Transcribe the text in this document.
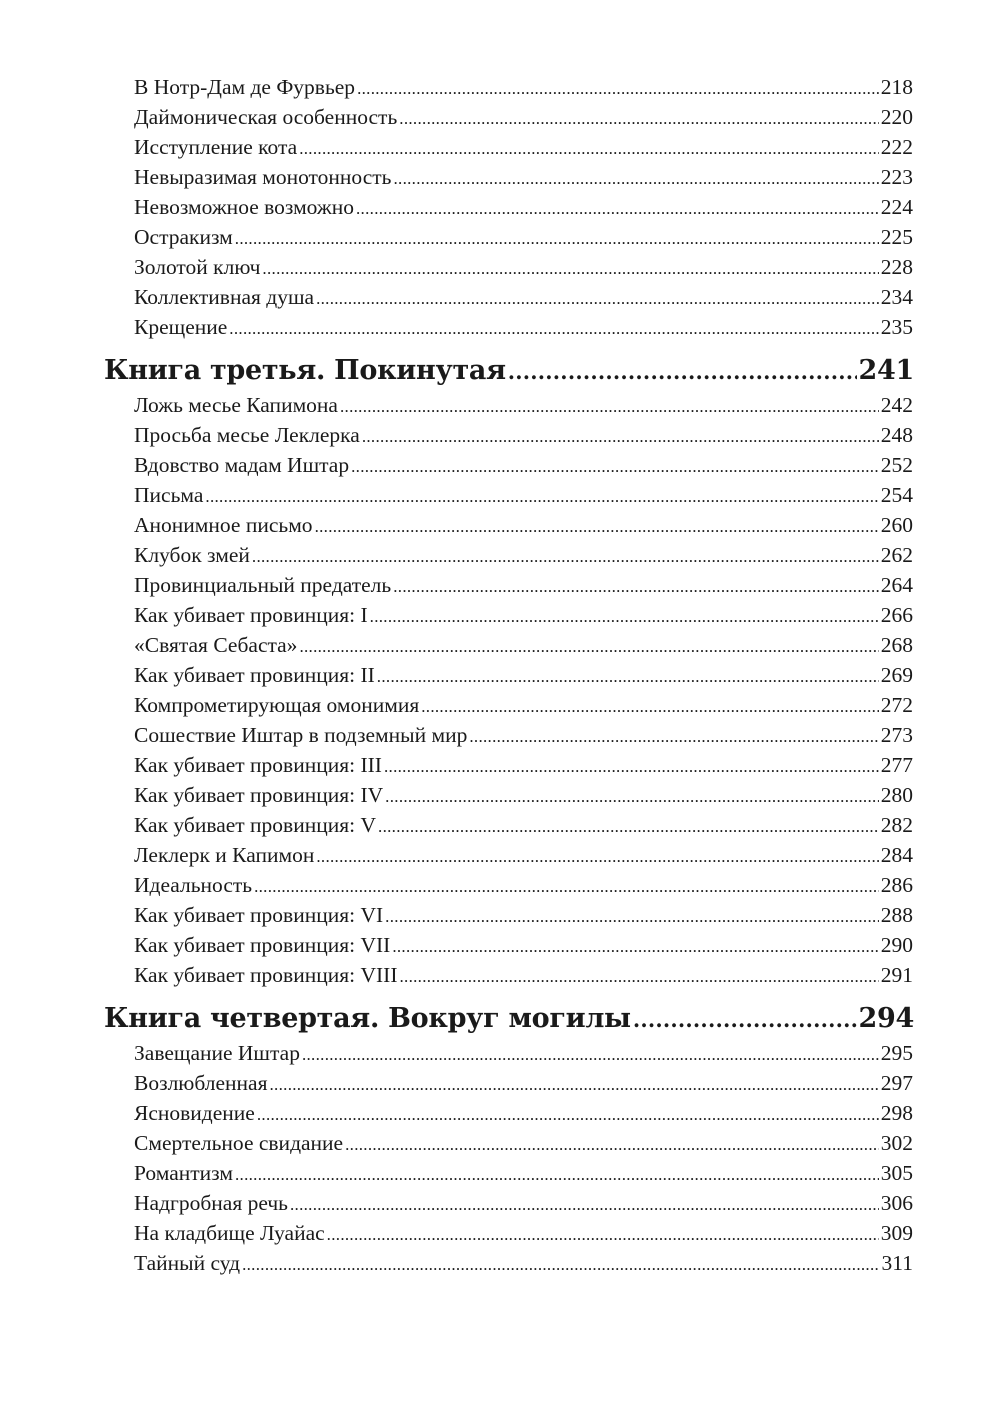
В Нотр-Дам де Фурвьер .....	218
Даймоническая особенность .....	220
Исступление кота .....	222
Невыразимая монотонность .....	223
Невозможное возможно .....	224
Остракизм .....	225
Золотой ключ .....	228
Коллективная душа .....	234
Крещение .....	235
Книга третья. Покинутая .....	241
Ложь месье Капимона .....	242
Просьба месье Леклерка .....	248
Вдовство мадам Иштар .....	252
Письма .....	254
Анонимное письмо .....	260
Клубок змей .....	262
Провинциальный предатель .....	264
Как убивает провинция: I .....	266
«Святая Себаста» .....	268
Как убивает провинция: II .....	269
Компрометирующая омонимия .....	272
Сошествие Иштар в подземный мир .....	273
Как убивает провинция: III .....	277
Как убивает провинция: IV .....	280
Как убивает провинция: V .....	282
Леклерк и Капимон .....	284
Идеальность .....	286
Как убивает провинция: VI .....	288
Как убивает провинция: VII .....	290
Как убивает провинция: VIII .....	291
Книга четвертая. Вокруг могилы .....	294
Завещание Иштар .....	295
Возлюбленная .....	297
Ясновидение .....	298
Смертельное свидание .....	302
Романтизм .....	305
Надгробная речь .....	306
На кладбище Луайас .....	309
Тайный суд .....	311
